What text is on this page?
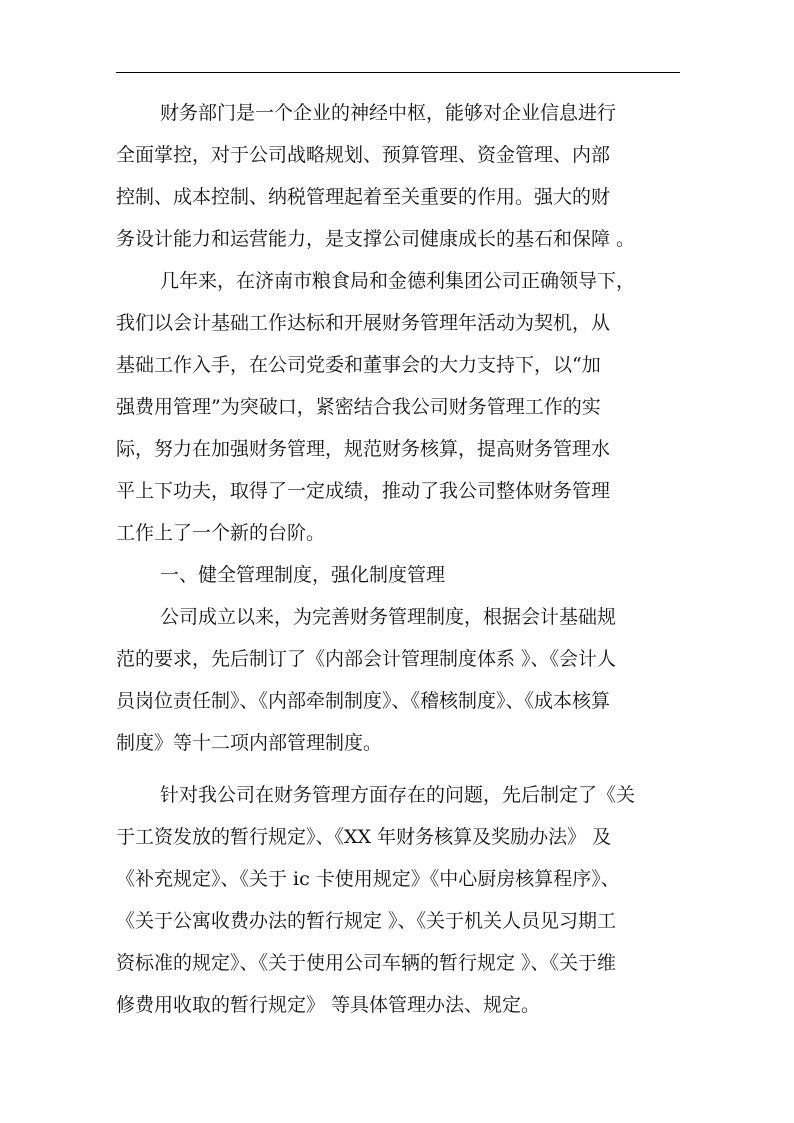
财务部门是一个企业的神经中枢，能够对企业信息进行
全面掌控，对于公司战略规划、预算管理、资金管理、内部
控制、成本控制、纳税管理起着至关重要的作用。强大的财
务设计能力和运营能力，是支撑公司健康成长的基石和保障 。
几年来，在济南市粮食局和金德利集团公司正确领导下，
我们以会计基础工作达标和开展财务管理年活动为契机，从
基础工作入手，在公司党委和董事会的大力支持下，以“加
强费用管理”为突破口，紧密结合我公司财务管理工作的实
际，努力在加强财务管理，规范财务核算，提高财务管理水
平上下功夫，取得了一定成绩，推动了我公司整体财务管理
工作上了一个新的台阶。
一、健全管理制度，强化制度管理
公司成立以来，为完善财务管理制度，根据会计基础规
范的要求，先后制订了《内部会计管理制度体系 》、《会计人
员岗位责任制》、《内部牵制制度》、《稽核制度》、《成本核算
制度》等十二项内部管理制度。
针对我公司在财务管理方面存在的问题，先后制定了《关
于工资发放的暂行规定》、《XX 年财务核算及奖励办法》 及
《补充规定》、《关于 ic 卡使用规定》《中心厨房核算程序》、
《关于公寓收费办法的暂行规定 》、《关于机关人员见习期工
资标准的规定》、《关于使用公司车辆的暂行规定 》、《关于维
修费用收取的暂行规定》 等具体管理办法、规定。
